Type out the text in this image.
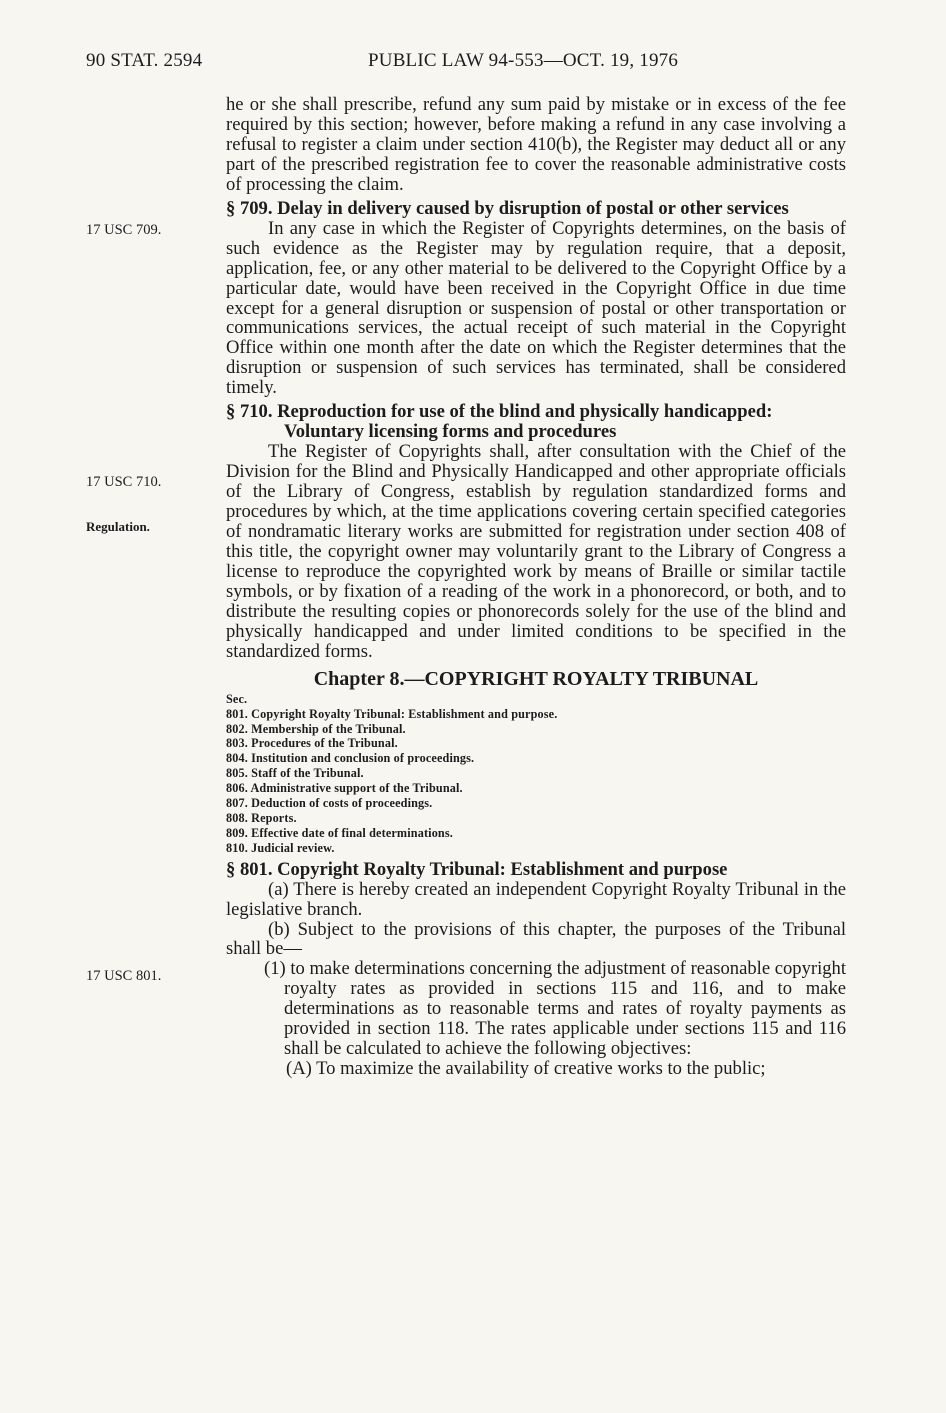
90 STAT. 2594	PUBLIC LAW 94-553—OCT. 19, 1976
17 USC 709.
17 USC 710.
Regulation.
17 USC 801.

he or she shall prescribe, refund any sum paid by mistake or in excess of the fee required by this section; however, before making a refund in any case involving a refusal to register a claim under section 410(b), the Register may deduct all or any part of the prescribed registration fee to cover the reasonable administrative costs of processing the claim.

§ 709. Delay in delivery caused by disruption of postal or other services

In any case in which the Register of Copyrights determines, on the basis of such evidence as the Register may by regulation require, that a deposit, application, fee, or any other material to be delivered to the Copyright Office by a particular date, would have been received in the Copyright Office in due time except for a general disruption or suspension of postal or other transportation or communications services, the actual receipt of such material in the Copyright Office within one month after the date on which the Register determines that the disruption or suspension of such services has terminated, shall be considered timely.

§ 710. Reproduction for use of the blind and physically handicapped: Voluntary licensing forms and procedures

The Register of Copyrights shall, after consultation with the Chief of the Division for the Blind and Physically Handicapped and other appropriate officials of the Library of Congress, establish by regulation standardized forms and procedures by which, at the time applications covering certain specified categories of nondramatic literary works are submitted for registration under section 408 of this title, the copyright owner may voluntarily grant to the Library of Congress a license to reproduce the copyrighted work by means of Braille or similar tactile symbols, or by fixation of a reading of the work in a phonorecord, or both, and to distribute the resulting copies or phonorecords solely for the use of the blind and physically handicapped and under limited conditions to be specified in the standardized forms.

Chapter 8.—COPYRIGHT ROYALTY TRIBUNAL

Sec.
801. Copyright Royalty Tribunal: Establishment and purpose.
802. Membership of the Tribunal.
803. Procedures of the Tribunal.
804. Institution and conclusion of proceedings.
805. Staff of the Tribunal.
806. Administrative support of the Tribunal.
807. Deduction of costs of proceedings.
808. Reports.
809. Effective date of final determinations.
810. Judicial review.

§ 801. Copyright Royalty Tribunal: Establishment and purpose

(a) There is hereby created an independent Copyright Royalty Tribunal in the legislative branch.

(b) Subject to the provisions of this chapter, the purposes of the Tribunal shall be—

(1) to make determinations concerning the adjustment of reasonable copyright royalty rates as provided in sections 115 and 116, and to make determinations as to reasonable terms and rates of royalty payments as provided in section 118. The rates applicable under sections 115 and 116 shall be calculated to achieve the following objectives:

(A) To maximize the availability of creative works to the public;
